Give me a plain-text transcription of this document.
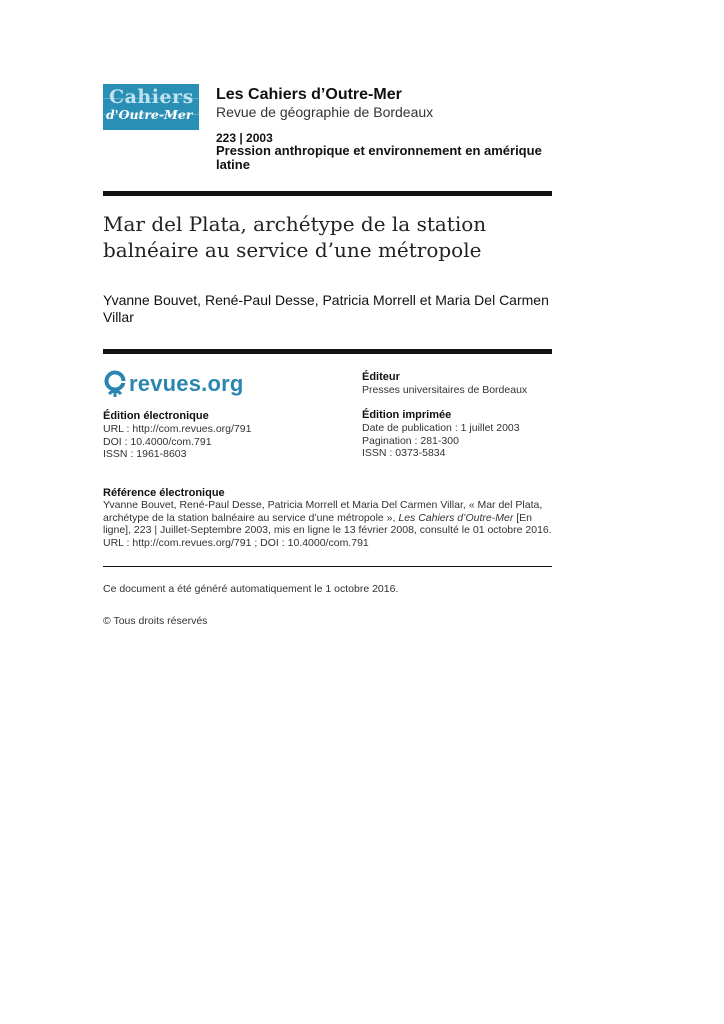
Cahiers
d'Outre-Mer
Les Cahiers d’Outre-Mer
Revue de géographie de Bordeaux
223 | 2003
Pression anthropique et environnement en amérique latine
Mar del Plata, archétype de la station balnéaire au service d’une métropole
Yvanne Bouvet, René-Paul Desse, Patricia Morrell et Maria Del Carmen Villar
revues.org
Édition électronique
URL : http://com.revues.org/791
DOI : 10.4000/com.791
ISSN : 1961-8603
Éditeur
Presses universitaires de Bordeaux
Édition imprimée
Date de publication : 1 juillet 2003
Pagination : 281-300
ISSN : 0373-5834
Référence électronique
Yvanne Bouvet, René-Paul Desse, Patricia Morrell et Maria Del Carmen Villar, « Mar del Plata, archétype de la station balnéaire au service d’une métropole », Les Cahiers d’Outre-Mer [En ligne], 223 | Juillet-Septembre 2003, mis en ligne le 13 février 2008, consulté le 01 octobre 2016. URL : http://com.revues.org/791 ; DOI : 10.4000/com.791
Ce document a été généré automatiquement le 1 octobre 2016.
© Tous droits réservés
